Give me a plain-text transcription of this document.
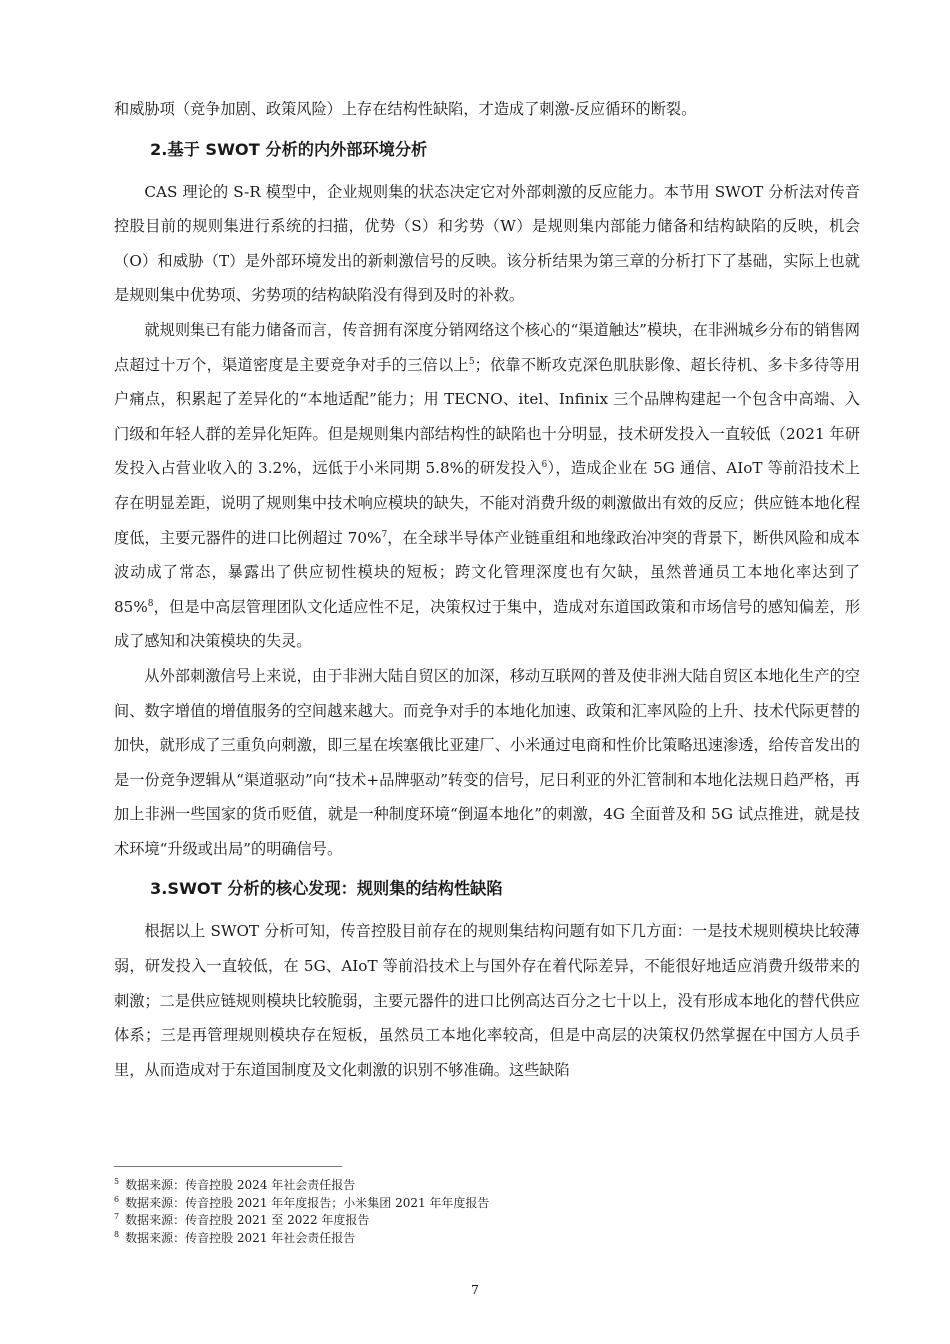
和威胁项（竞争加剧、政策风险）上存在结构性缺陷，才造成了刺激-反应循环的断裂。

2.基于 SWOT 分析的内外部环境分析

CAS 理论的 S-R 模型中，企业规则集的状态决定它对外部刺激的反应能力。本节用 SWOT 分析法对传音控股目前的规则集进行系统的扫描，优势（S）和劣势（W）是规则集内部能力储备和结构缺陷的反映，机会（O）和威胁（T）是外部环境发出的新刺激信号的反映。该分析结果为第三章的分析打下了基础，实际上也就是规则集中优势项、劣势项的结构缺陷没有得到及时的补救。

就规则集已有能力储备而言，传音拥有深度分销网络这个核心的“渠道触达”模块，在非洲城乡分布的销售网点超过十万个，渠道密度是主要竞争对手的三倍以上$^5$；依靠不断攻克深色肌肤影像、超长待机、多卡多待等用户痛点，积累起了差异化的“本地适配”能力；用 TECNO、itel、Infinix 三个品牌构建起一个包含中高端、入门级和年轻人群的差异化矩阵。但是规则集内部结构性的缺陷也十分明显，技术研发投入一直较低（2021 年研发投入占营业收入的 3.2%，远低于小米同期 5.8%的研发投入$^6$），造成企业在 5G 通信、AIoT 等前沿技术上存在明显差距，说明了规则集中技术响应模块的缺失，不能对消费升级的刺激做出有效的反应；供应链本地化程度低，主要元器件的进口比例超过 70%$^7$，在全球半导体产业链重组和地缘政治冲突的背景下，断供风险和成本波动成了常态，暴露出了供应韧性模块的短板；跨文化管理深度也有欠缺，虽然普通员工本地化率达到了 85%$^8$，但是中高层管理团队文化适应性不足，决策权过于集中，造成对东道国政策和市场信号的感知偏差，形成了感知和决策模块的失灵。

从外部刺激信号上来说，由于非洲大陆自贸区的加深，移动互联网的普及使非洲大陆自贸区本地化生产的空间、数字增值的增值服务的空间越来越大。而竞争对手的本地化加速、政策和汇率风险的上升、技术代际更替的加快，就形成了三重负向刺激，即三星在埃塞俄比亚建厂、小米通过电商和性价比策略迅速渗透，给传音发出的是一份竞争逻辑从“渠道驱动”向“技术+品牌驱动”转变的信号，尼日利亚的外汇管制和本地化法规日趋严格，再加上非洲一些国家的货币贬值，就是一种制度环境“倒逼本地化”的刺激，4G 全面普及和 5G 试点推进，就是技术环境“升级或出局”的明确信号。

3.SWOT 分析的核心发现：规则集的结构性缺陷

根据以上 SWOT 分析可知，传音控股目前存在的规则集结构问题有如下几方面：一是技术规则模块比较薄弱，研发投入一直较低，在 5G、AIoT 等前沿技术上与国外存在着代际差异，不能很好地适应消费升级带来的刺激；二是供应链规则模块比较脆弱，主要元器件的进口比例高达百分之七十以上，没有形成本地化的替代供应体系；三是再管理规则模块存在短板，虽然员工本地化率较高，但是中高层的决策权仍然掌握在中国方人员手里，从而造成对于东道国制度及文化刺激的识别不够准确。这些缺陷

$^5$ 数据来源：传音控股 2024 年社会责任报告
$^6$ 数据来源：传音控股 2021 年年度报告；小米集团 2021 年年度报告
$^7$ 数据来源：传音控股 2021 至 2022 年度报告
$^8$ 数据来源：传音控股 2021 年社会责任报告
7
